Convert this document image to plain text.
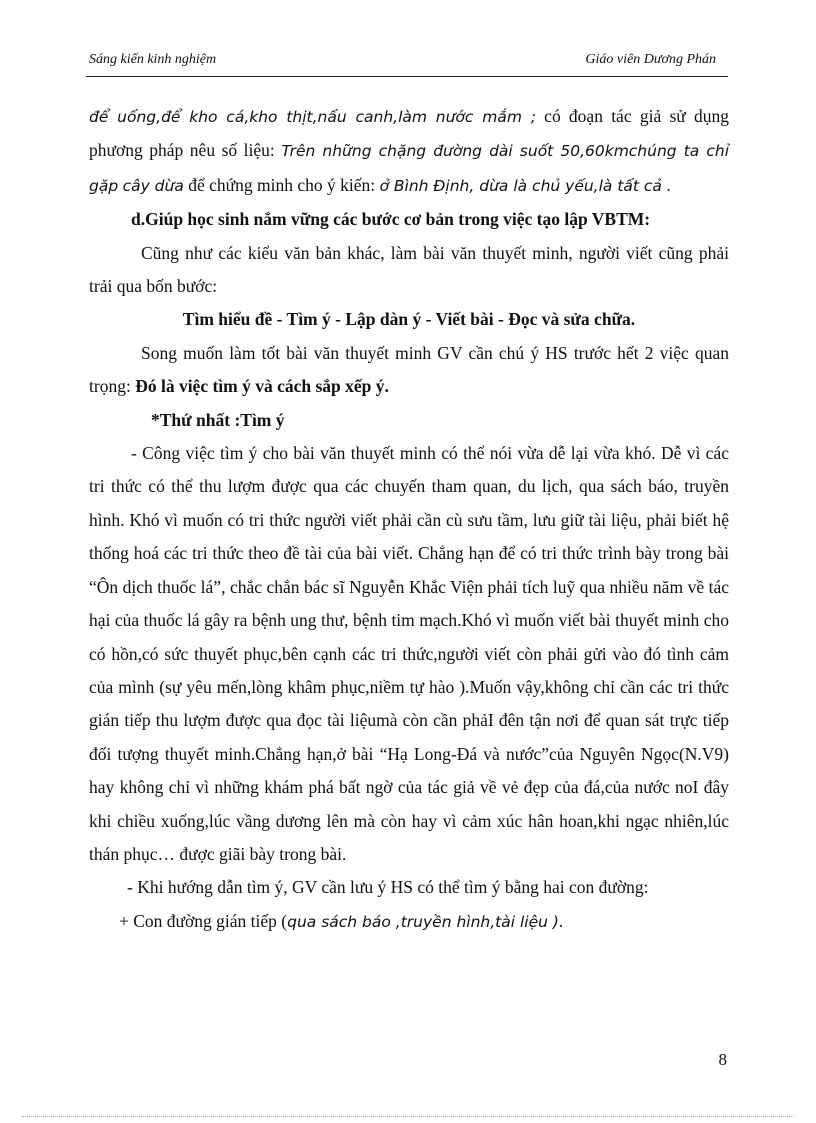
Sáng kiến kinh nghiệm	Giáo viên Dương Phán

để uống,để kho cá,kho thịt,nấu canh,làm nước mắm ; có đoạn tác giả sử dụng phương pháp nêu số liệu: Trên những chặng đường dài suốt 50,60kmchúng ta chỉ gặp cây dừa để chứng minh cho ý kiến: ở Bình Định, dừa là chủ yếu,là tất cả .

d.Giúp học sinh nắm vững các bước cơ bản trong việc tạo lập VBTM:

Cũng như các kiểu văn bản khác, làm bài văn thuyết minh, người viết cũng phải trải qua bốn bước:

Tìm hiểu đề - Tìm ý - Lập dàn ý - Viết bài - Đọc và sửa chữa.

Song muốn làm tốt bài văn thuyết minh GV cần chú ý HS trước hết 2 việc quan trọng: Đó là việc tìm ý và cách sắp xếp ý.

*Thứ nhất :Tìm ý

- Công việc tìm ý cho bài văn thuyết minh có thể nói vừa dễ lại vừa khó. Dễ vì các tri thức có thể thu lượm được qua các chuyến tham quan, du lịch, qua sách báo, truyền hình. Khó vì muốn có tri thức người viết phải cần cù sưu tầm, lưu giữ tài liệu, phải biết hệ thống hoá các tri thức theo đề tài của bài viết. Chẳng hạn để có tri thức trình bày trong bài “Ôn dịch thuốc lá”, chắc chắn bác sĩ Nguyễn Khắc Viện phải tích luỹ qua nhiều năm về tác hại của thuốc lá gây ra bệnh ung thư, bệnh tim mạch.Khó vì muốn viết bài thuyết minh cho có hồn,có sức thuyết phục,bên cạnh các tri thức,người viết còn phải gửi vào đó tình cảm của mình (sự yêu mến,lòng khâm phục,niềm tự hào ).Muốn vậy,không chỉ cần các tri thức gián tiếp thu lượm được qua đọc tài liệumà còn cần phảI đên tận nơi để quan sát trực tiếp đối tượng thuyết minh.Chẳng hạn,ở bài “Hạ Long-Đá và nước”của Nguyên Ngọc(N.V9) hay không chỉ vì những khám phá bất ngờ của tác giả về vẻ đẹp của đá,của nước noI đây khi chiều xuống,lúc vầng dương lên mà còn hay vì cảm xúc hân hoan,khi ngạc nhiên,lúc thán phục… được giãi bày trong bài.

- Khi hướng dẫn tìm ý, GV cần lưu ý HS có thể tìm ý bằng hai con đường:

+ Con đường gián tiếp (qua sách báo ,truyền hình,tài liệu ).

8
